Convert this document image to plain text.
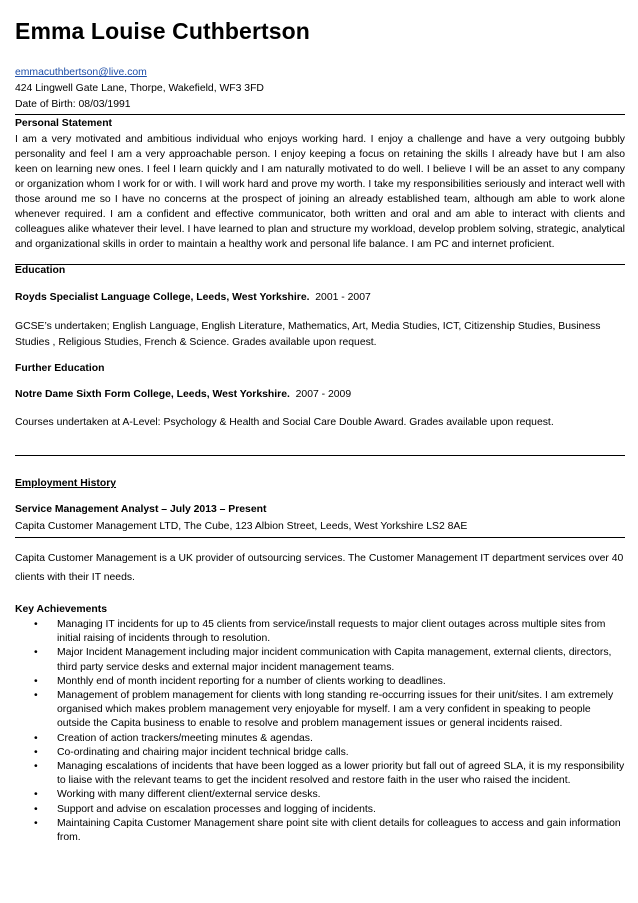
Emma Louise Cuthbertson
emmacuthbertson@live.com
424 Lingwell Gate Lane, Thorpe, Wakefield, WF3 3FD
Date of Birth: 08/03/1991
Personal Statement
I am a very motivated and ambitious individual who enjoys working hard. I enjoy a challenge and have a very outgoing bubbly personality and feel I am a very approachable person. I enjoy keeping a focus on retaining the skills I already have but I am also keen on learning new ones. I feel I learn quickly and I am naturally motivated to do well. I believe I will be an asset to any company or organization whom I work for or with. I will work hard and prove my worth. I take my responsibilities seriously and interact well with those around me so I have no concerns at the prospect of joining an already established team, although am able to work alone whenever required. I am a confident and effective communicator, both written and oral and am able to interact with clients and colleagues alike whatever their level. I have learned to plan and structure my workload, develop problem solving, strategic, analytical and organizational skills in order to maintain a healthy work and personal life balance. I am PC and internet proficient.
Education
Royds Specialist Language College, Leeds, West Yorkshire. 2001 - 2007
GCSE’s undertaken; English Language, English Literature, Mathematics, Art, Media Studies, ICT, Citizenship Studies, Business
Studies , Religious Studies, French & Science. Grades available upon request.
Further Education
Notre Dame Sixth Form College, Leeds, West Yorkshire. 2007 - 2009
Courses undertaken at A-Level: Psychology & Health and Social Care Double Award. Grades available upon request.
Employment History
Service Management Analyst – July 2013 – Present
Capita Customer Management LTD, The Cube, 123 Albion Street, Leeds, West Yorkshire LS2 8AE
Capita Customer Management is a UK provider of outsourcing services. The Customer Management IT department services over 40 clients with their IT needs.
Key Achievements
• Managing IT incidents for up to 45 clients from service/install requests to major client outages across multiple sites from initial raising of incidents through to resolution.
• Major Incident Management including major incident communication with Capita management, external clients, directors, third party service desks and external major incident management teams.
• Monthly end of month incident reporting for a number of clients working to deadlines.
• Management of problem management for clients with long standing re-occurring issues for their unit/sites. I am extremely organised which makes problem management very enjoyable for myself. I am a very confident in speaking to people outside the Capita business to enable to resolve and problem management issues or general incidents raised.
• Creation of action trackers/meeting minutes & agendas.
• Co-ordinating and chairing major incident technical bridge calls.
• Managing escalations of incidents that have been logged as a lower priority but fall out of agreed SLA, it is my responsibility to liaise with the relevant teams to get the incident resolved and restore faith in the user who raised the incident.
• Working with many different client/external service desks.
• Support and advise on escalation processes and logging of incidents.
• Maintaining Capita Customer Management share point site with client details for colleagues to access and gain information from.
